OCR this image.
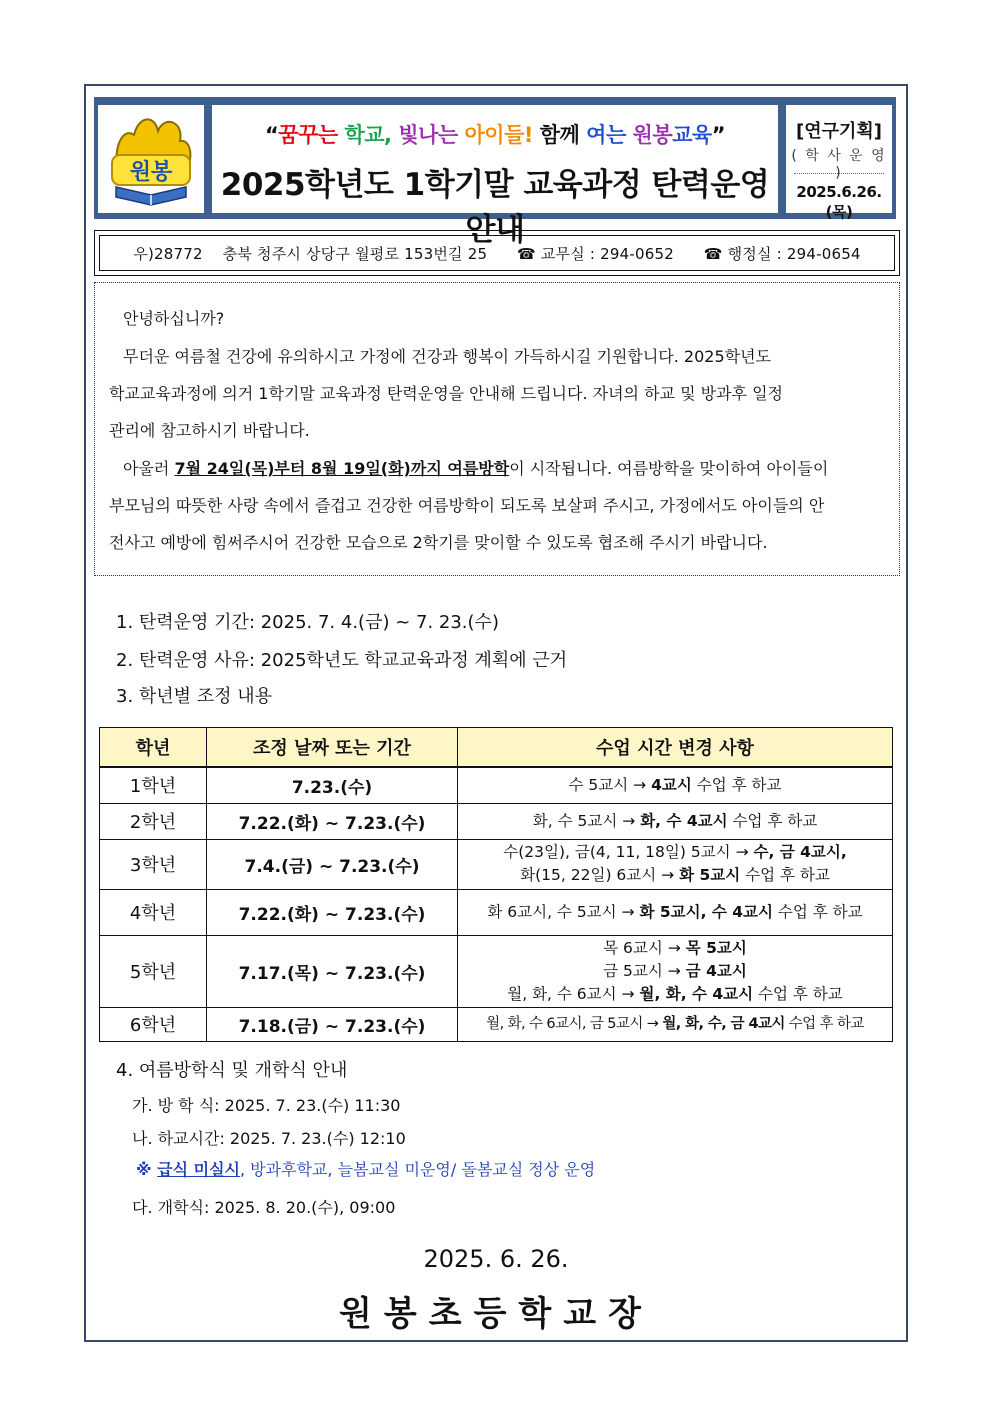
원봉
“꿈꾸는 학교, 빛나는 아이들! 함께 여는 원봉교육”
2025학년도 1학기말 교육과정 탄력운영 안내
[연구기획]
( 학 사 운 영 )
2025.6.26.(목)
우)28772 충북 청주시 상당구 월평로 153번길 25 ☎ 교무실 : 294-0652 ☎ 행정실 : 294-0654

안녕하십니까?

무더운 여름철 건강에 유의하시고 가정에 건강과 행복이 가득하시길 기원합니다. 2025학년도

학교교육과정에 의거 1학기말 교육과정 탄력운영을 안내해 드립니다. 자녀의 하교 및 방과후 일정

관리에 참고하시기 바랍니다.

아울러 7월 24일(목)부터 8월 19일(화)까지 여름방학이 시작됩니다. 여름방학을 맞이하여 아이들이

부모님의 따뜻한 사랑 속에서 즐겁고 건강한 여름방학이 되도록 보살펴 주시고, 가정에서도 아이들의 안

전사고 예방에 힘써주시어 건강한 모습으로 2학기를 맞이할 수 있도록 협조해 주시기 바랍니다.

1. 탄력운영 기간: 2025. 7. 4.(금) ~ 7. 23.(수)
2. 탄력운영 사유: 2025학년도 학교교육과정 계획에 근거
3. 학년별 조정 내용
학년	조정 날짜 또는 기간	수업 시간 변경 사항
1학년	7.23.(수)	수 5교시 → 4교시 수업 후 하교
2학년	7.22.(화) ~ 7.23.(수)	화, 수 5교시 → 화, 수 4교시 수업 후 하교
3학년	7.4.(금) ~ 7.23.(수)	수(23일), 금(4, 11, 18일) 5교시 → 수, 금 4교시,
화(15, 22일) 6교시 → 화 5교시 수업 후 하교
4학년	7.22.(화) ~ 7.23.(수)	화 6교시, 수 5교시 → 화 5교시, 수 4교시 수업 후 하교
5학년	7.17.(목) ~ 7.23.(수)	목 6교시 → 목 5교시
금 5교시 → 금 4교시
월, 화, 수 6교시 → 월, 화, 수 4교시 수업 후 하교
6학년	7.18.(금) ~ 7.23.(수)	월, 화, 수 6교시, 금 5교시 → 월, 화, 수, 금 4교시 수업 후 하교
4. 여름방학식 및 개학식 안내
가. 방 학 식: 2025. 7. 23.(수) 11:30
나. 하교시간: 2025. 7. 23.(수) 12:10
※ 급식 미실시, 방과후학교, 늘봄교실 미운영/ 돌봄교실 정상 운영
다. 개학식: 2025. 8. 20.(수), 09:00
2025. 6. 26.
원봉초등학교장
